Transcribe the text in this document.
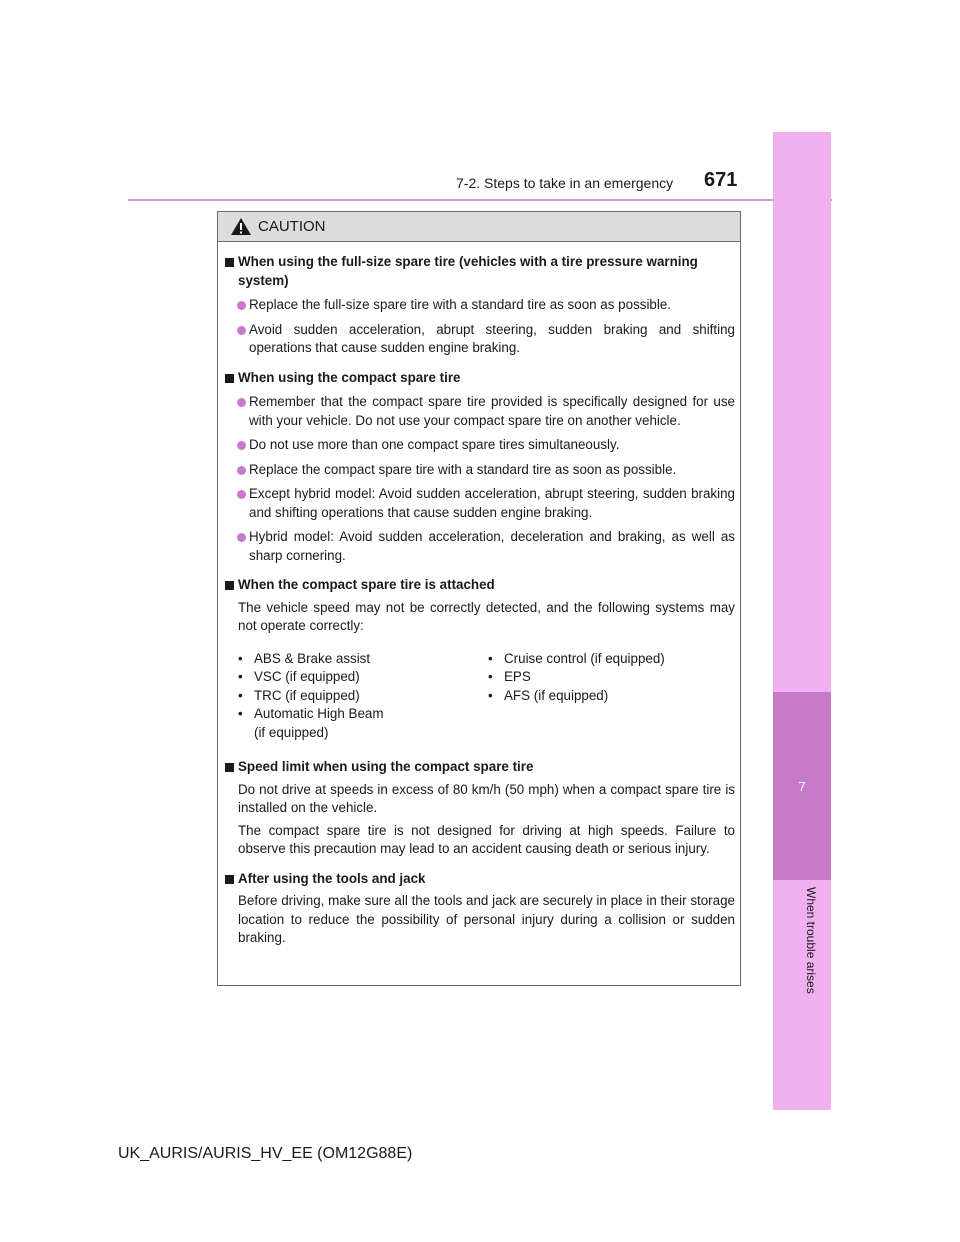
7-2. Steps to take in an emergency 671
7
When trouble arises
CAUTION
When using the full-size spare tire (vehicles with a tire pressure warning system)
Replace the full-size spare tire with a standard tire as soon as possible.
Avoid sudden acceleration, abrupt steering, sudden braking and shifting operations that cause sudden engine braking.
When using the compact spare tire
Remember that the compact spare tire provided is specifically designed for use with your vehicle. Do not use your compact spare tire on another vehicle.
Do not use more than one compact spare tires simultaneously.
Replace the compact spare tire with a standard tire as soon as possible.
Except hybrid model: Avoid sudden acceleration, abrupt steering, sudden braking and shifting operations that cause sudden engine braking.
Hybrid model: Avoid sudden acceleration, deceleration and braking, as well as sharp cornering.
When the compact spare tire is attached
The vehicle speed may not be correctly detected, and the following systems may not operate correctly:
• ABS & Brake assist
• VSC (if equipped)
• TRC (if equipped)
• Automatic High Beam
(if equipped)
• Cruise control (if equipped)
• EPS
• AFS (if equipped)
Speed limit when using the compact spare tire
Do not drive at speeds in excess of 80 km/h (50 mph) when a compact spare tire is installed on the vehicle.
The compact spare tire is not designed for driving at high speeds. Failure to observe this precaution may lead to an accident causing death or serious injury.
After using the tools and jack
Before driving, make sure all the tools and jack are securely in place in their storage location to reduce the possibility of personal injury during a collision or sudden braking.
UK_AURIS/AURIS_HV_EE (OM12G88E)
